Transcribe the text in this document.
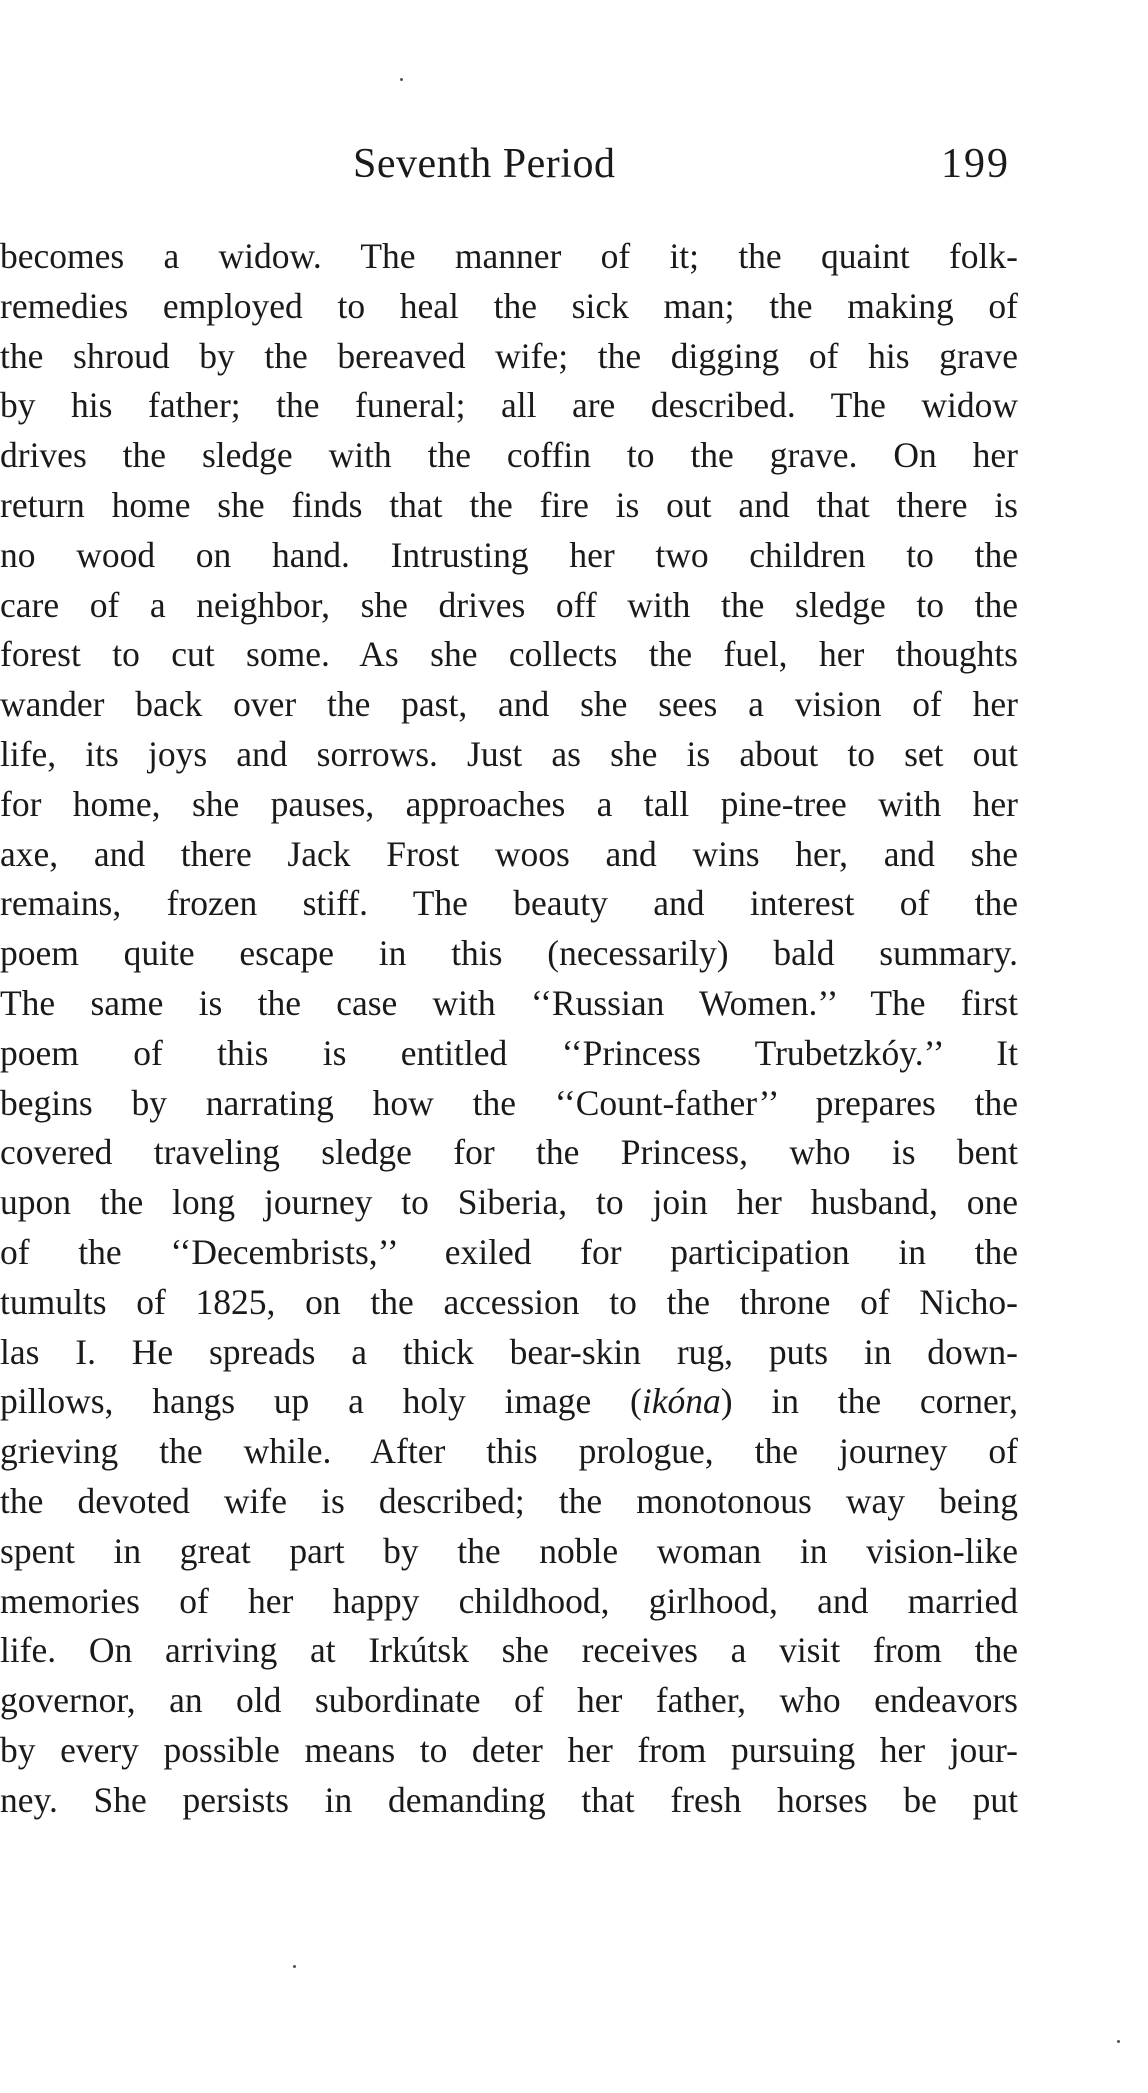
Seventh Period	199
becomes a widow. The manner of it; the quaint folk-
remedies employed to heal the sick man; the making of
the shroud by the bereaved wife; the digging of his grave
by his father; the funeral; all are described. The widow
drives the sledge with the coffin to the grave. On her
return home she finds that the fire is out and that there is
no wood on hand. Intrusting her two children to the
care of a neighbor, she drives off with the sledge to the
forest to cut some. As she collects the fuel, her thoughts
wander back over the past, and she sees a vision of her
life, its joys and sorrows. Just as she is about to set out
for home, she pauses, approaches a tall pine-tree with her
axe, and there Jack Frost woos and wins her, and she
remains, frozen stiff. The beauty and interest of the
poem quite escape in this (necessarily) bald summary.
The same is the case with ‘‘Russian Women.’’ The first
poem of this is entitled ‘‘Princess Trubetzkóy.’’ It
begins by narrating how the ‘‘Count-father’’ prepares the
covered traveling sledge for the Princess, who is bent
upon the long journey to Siberia, to join her husband, one
of the ‘‘Decembrists,’’ exiled for participation in the
tumults of 1825, on the accession to the throne of Nicho-
las I. He spreads a thick bear-skin rug, puts in down-
pillows, hangs up a holy image (ikóna) in the corner,
grieving the while. After this prologue, the journey of
the devoted wife is described; the monotonous way being
spent in great part by the noble woman in vision-like
memories of her happy childhood, girlhood, and married
life. On arriving at Irkútsk she receives a visit from the
governor, an old subordinate of her father, who endeavors
by every possible means to deter her from pursuing her jour-
ney. She persists in demanding that fresh horses be put
